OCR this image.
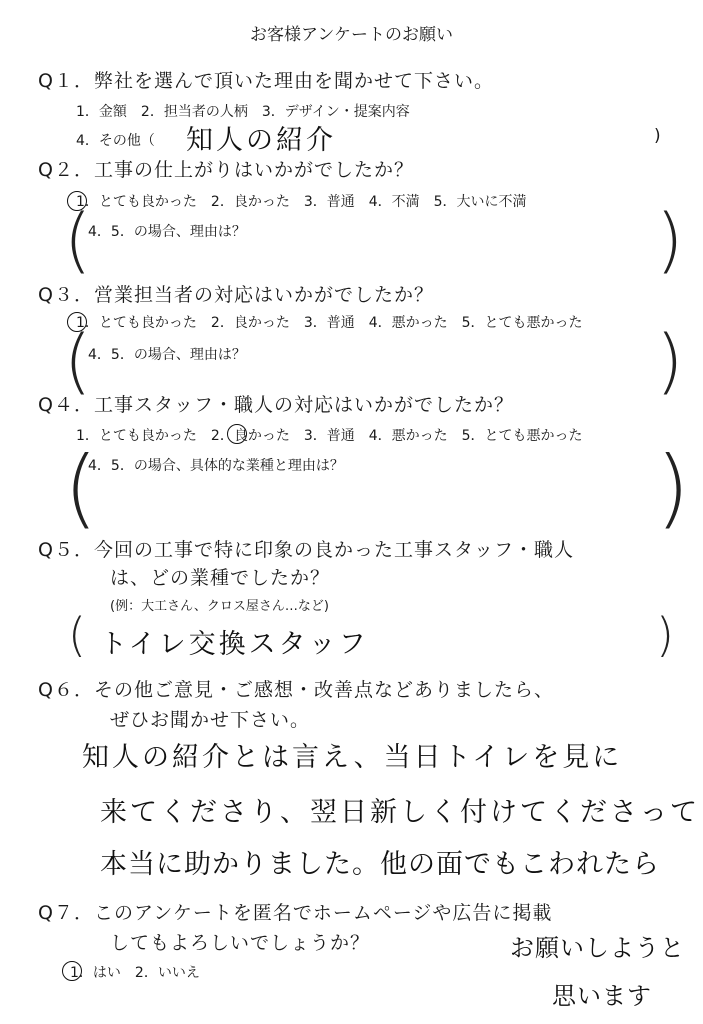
お客様アンケートのお願い
Q１．弊社を選んで頂いた理由を聞かせて下さい。
1．金額　2．担当者の人柄　3．デザイン・提案内容
4．その他（ 知人の紹介	)
Q２．工事の仕上がりはいかがでしたか？
1．とても良かった　2．良かった　3．普通　4．不満　5．大いに不満
(
4．5．の場合、理由は？	)
Q３．営業担当者の対応はいかがでしたか？
1．とても良かった　2．良かった　3．普通　4．悪かった　5．とても悪かった
(
4．5．の場合、理由は？	)
Q４．工事スタッフ・職人の対応はいかがでしたか？
1．とても良かった　2．良かった　3．普通　4．悪かった　5．とても悪かった
(
4．5．の場合、具体的な業種と理由は？	)
Q５．今回の工事で特に印象の良かった工事スタッフ・職人
は、どの業種でしたか？
(例：大工さん、クロス屋さん…など)
( トイレ交換スタッフ	)
Q６．その他ご意見・ご感想・改善点などありましたら、
ぜひお聞かせ下さい。
知人の紹介とは言え、当日トイレを見に
来てくださり、翌日新しく付けてくださって
本当に助かりました。他の面でもこわれたら
Q７．このアンケートを匿名でホームページや広告に掲載
してもよろしいでしょうか？
1．はい　2．いいえ
お願いしようと
思います
